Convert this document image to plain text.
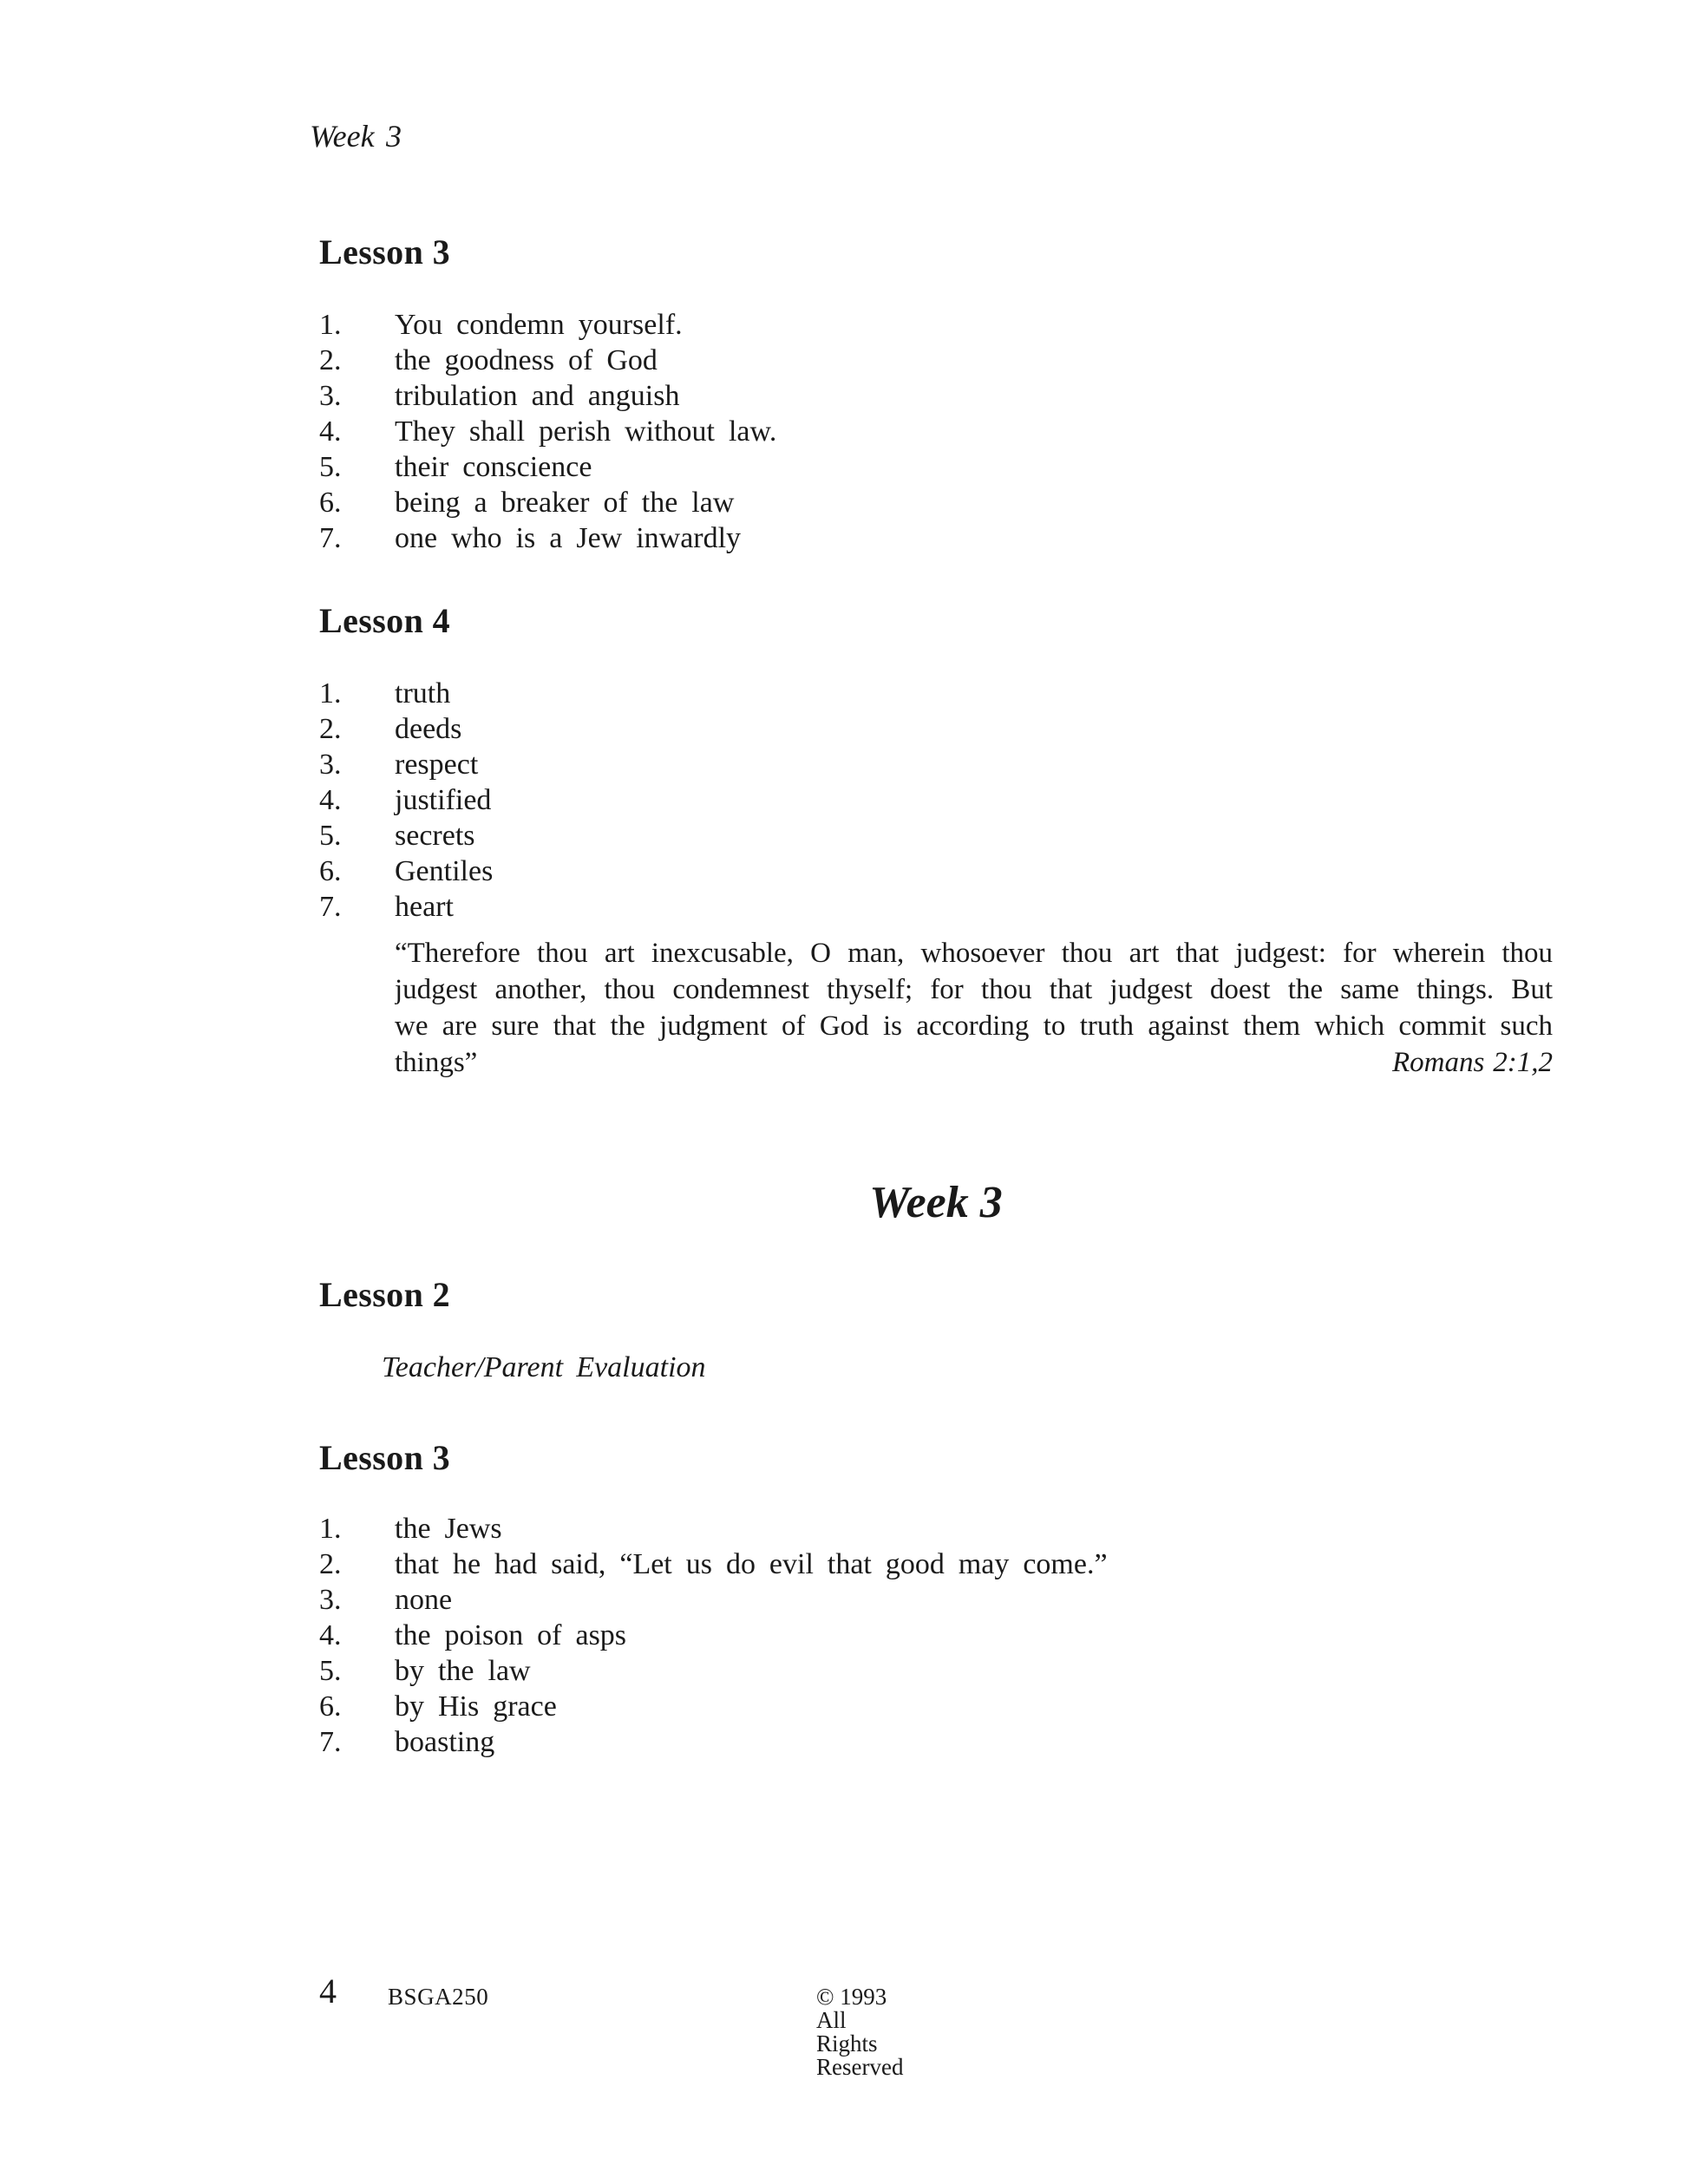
Week 3
Lesson 3
1.	You condemn yourself.
2.	the goodness of God
3.	tribulation and anguish
4.	They shall perish without law.
5.	their conscience
6.	being a breaker of the law
7.	one who is a Jew inwardly
Lesson 4
1.	truth
2.	deeds
3.	respect
4.	justified
5.	secrets
6.	Gentiles
7.	heart
“Therefore thou art inexcusable, O man, whosoever thou art that judgest: for wherein thou
judgest another, thou condemnest thyself; for thou that judgest doest the same things. But
we are sure that the judgment of God is according to truth against them which commit such
things”	Romans 2:1,2
Week 3
Lesson 2
Teacher/Parent Evaluation
Lesson 3
1.	the Jews
2.	that he had said, “Let us do evil that good may come.”
3.	none
4.	the poison of asps
5.	by the law
6.	by His grace
7.	boasting
4 BSGA250	© 1993 All Rights Reserved
